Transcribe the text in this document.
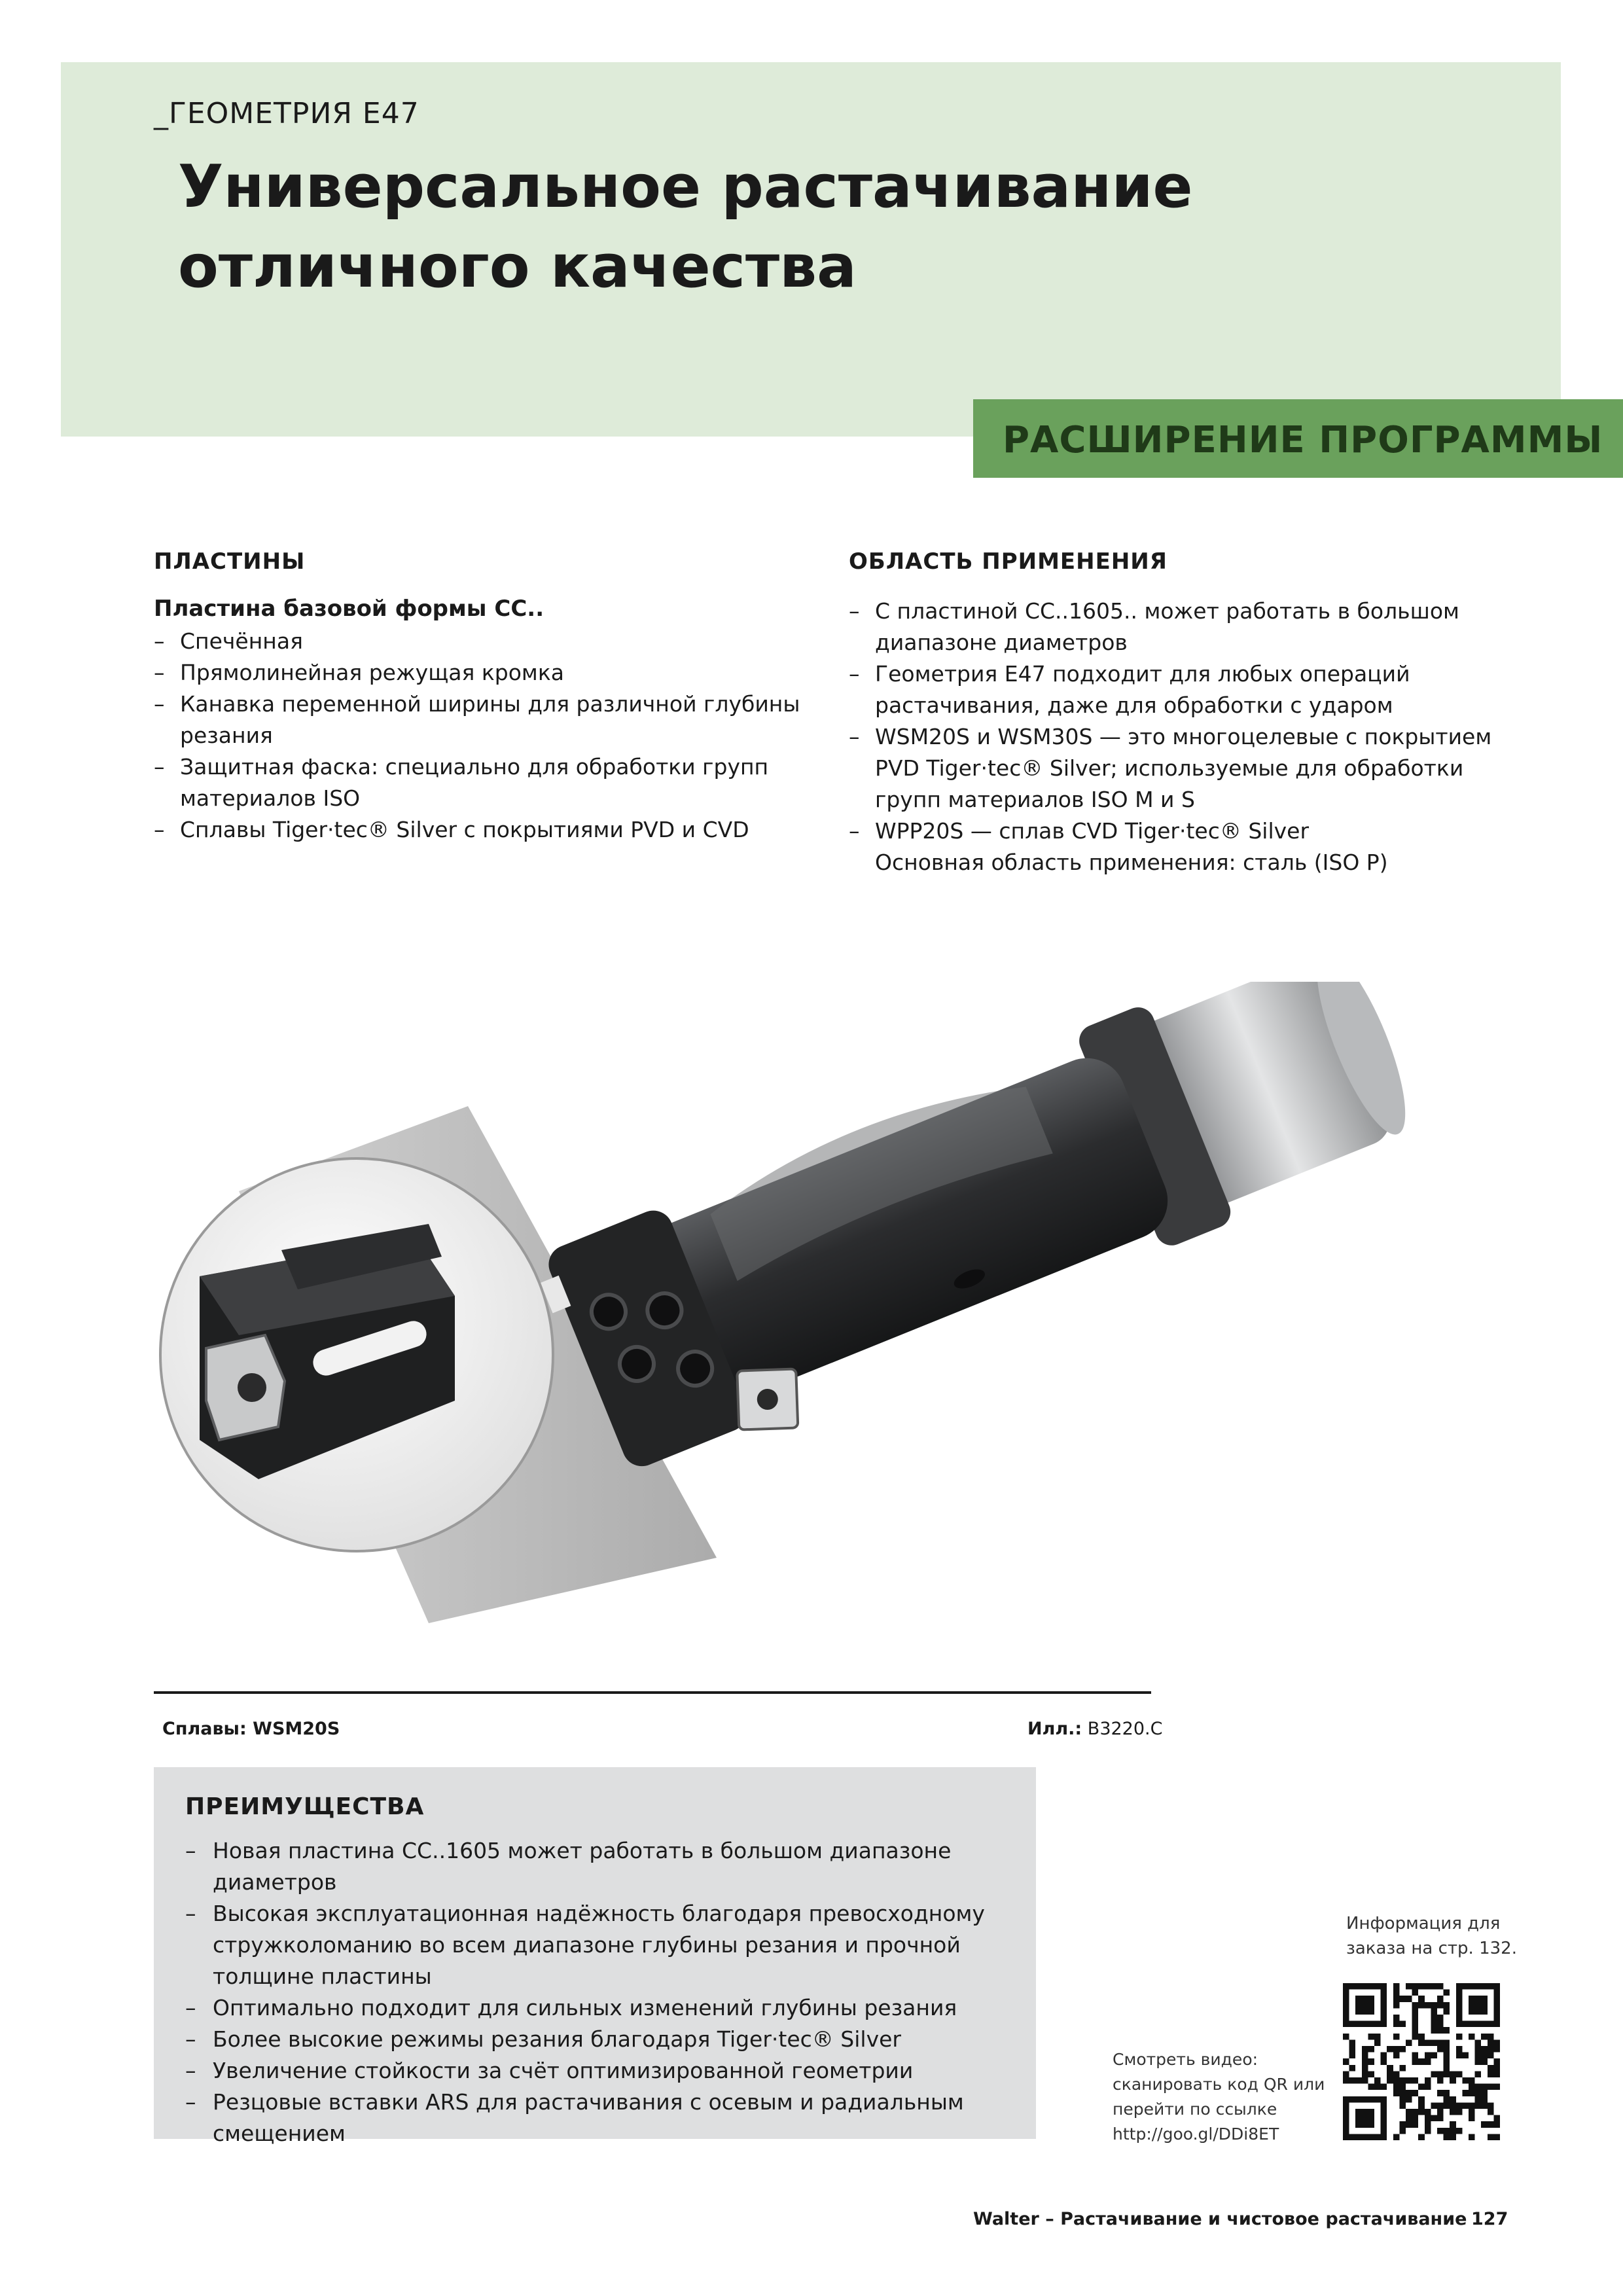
_ГЕОМЕТРИЯ E47
Универсальное растачивание
отличного качества
РАСШИРЕНИЕ ПРОГРАММЫ
ПЛАСТИНЫ
Пластина базовой формы CC..
– Спечённая
– Прямолинейная режущая кромка
– Канавка переменной ширины для различной глубины резания
– Защитная фаска: специально для обработки групп материалов ISO
– Сплавы Tiger·tec® Silver с покрытиями PVD и CVD
ОБЛАСТЬ ПРИМЕНЕНИЯ
– С пластиной CC..1605.. может работать в большом диапазоне диаметров
– Геометрия E47 подходит для любых операций растачивания, даже для обработки с ударом
– WSM20S и WSM30S — это многоцелевые с покрытием PVD Tiger·tec® Silver; используемые для обработки групп материалов ISO M и S
– WPP20S — сплав CVD Tiger·tec® Silver
Основная область применения: сталь (ISO P)
Сплавы: WSM20S	Илл.: B3220.C
ПРЕИМУЩЕСТВА
– Новая пластина CC..1605 может работать в большом диапазоне диаметров
– Высокая эксплуатационная надёжность благодаря превосходному стружколоманию во всем диапазоне глубины резания и прочной толщине пластины
– Оптимально подходит для сильных изменений глубины резания
– Более высокие режимы резания благодаря Tiger·tec® Silver
– Увеличение стойкости за счёт оптимизированной геометрии
– Резцовые вставки ARS для растачивания с осевым и радиальным смещением
Информация для
заказа на стр. 132.
Смотреть видео:
сканировать код QR или
перейти по ссылке
http://goo.gl/DDi8ET
Walter – Растачивание и чистовое растачивание 127
